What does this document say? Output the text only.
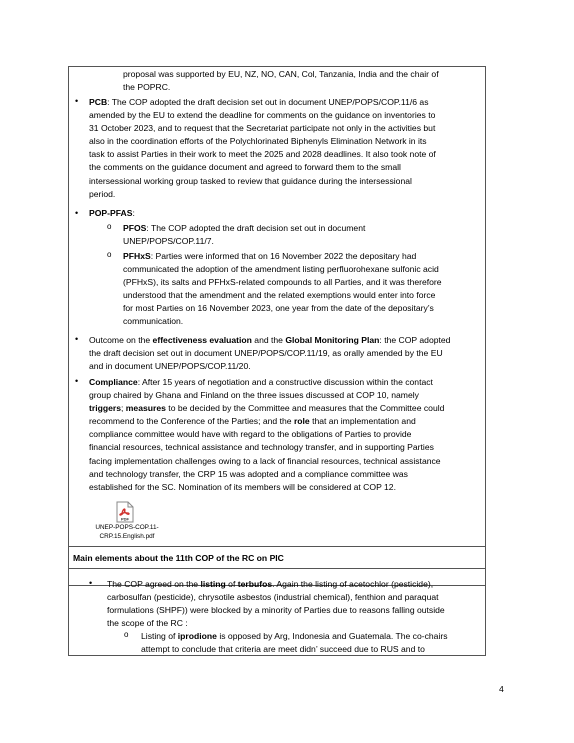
proposal was supported by EU, NZ, NO, CAN, Col, Tanzania, India and the chair of
the POPRC.
• PCB: The COP adopted the draft decision set out in document UNEP/POPS/COP.11/6 as
amended by the EU to extend the deadline for comments on the guidance on inventories to
31 October 2023, and to request that the Secretariat participate not only in the activities but
also in the coordination efforts of the Polychlorinated Biphenyls Elimination Network in its
task to assist Parties in their work to meet the 2025 and 2028 deadlines. It also took note of
the comments on the guidance document and agreed to forward them to the small
intersessional working group tasked to review that guidance during the intersessional
period.
• POP-PFAS:
o PFOS: The COP adopted the draft decision set out in document
UNEP/POPS/COP.11/7.
o PFHxS: Parties were informed that on 16 November 2022 the depositary had
communicated the adoption of the amendment listing perfluorohexane sulfonic acid
(PFHxS), its salts and PFHxS-related compounds to all Parties, and it was therefore
understood that the amendment and the related exemptions would enter into force
for most Parties on 16 November 2023, one year from the date of the depositary’s
communication.
• Outcome on the effectiveness evaluation and the Global Monitoring Plan: the COP adopted
the draft decision set out in document UNEP/POPS/COP.11/19, as orally amended by the EU
and in document UNEP/POPS/COP.11/20.
• Compliance: After 15 years of negotiation and a constructive discussion within the contact
group chaired by Ghana and Finland on the three issues discussed at COP 10, namely
triggers; measures to be decided by the Committee and measures that the Committee could
recommend to the Conference of the Parties; and the role that an implementation and
compliance committee would have with regard to the obligations of Parties to provide
financial resources, technical assistance and technology transfer, and in supporting Parties
facing implementation challenges owing to a lack of financial resources, technical assistance
and technology transfer, the CRP 15 was adopted and a compliance committee was
established for the SC. Nomination of its members will be considered at COP 12.
PDF
UNEP-POPS-COP.11-
CRP.15.English.pdf
Main elements about the 11th COP of the RC on PIC
• The COP agreed on the listing of terbufos. Again the listing of acetochlor (pesticide),
carbosulfan (pesticide), chrysotile asbestos (industrial chemical), fenthion and paraquat
formulations (SHPF)) were blocked by a minority of Parties due to reasons falling outside
the scope of the RC :
o Listing of iprodione is opposed by Arg, Indonesia and Guatemala. The co-chairs
attempt to conclude that criteria are meet didn’ succeed due to RUS and to
4
